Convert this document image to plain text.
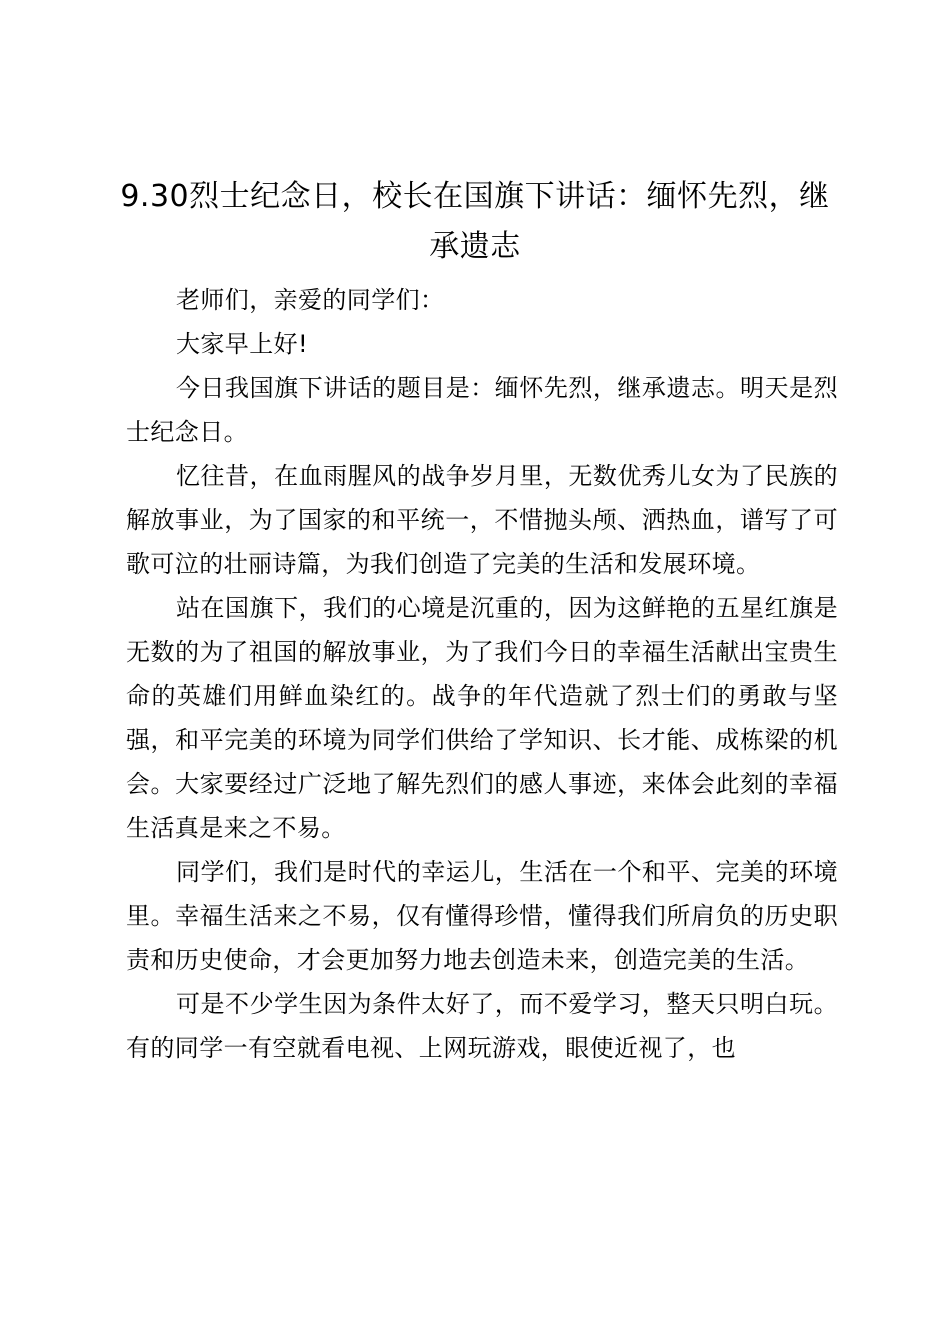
9.30烈士纪念日，校长在国旗下讲话：缅怀先烈，继承遗志

老师们，亲爱的同学们：

大家早上好!

今日我国旗下讲话的题目是：缅怀先烈，继承遗志。明天是烈士纪念日。

忆往昔，在血雨腥风的战争岁月里，无数优秀儿女为了民族的解放事业，为了国家的和平统一，不惜抛头颅、洒热血，谱写了可歌可泣的壮丽诗篇，为我们创造了完美的生活和发展环境。

站在国旗下，我们的心境是沉重的，因为这鲜艳的五星红旗是无数的为了祖国的解放事业，为了我们今日的幸福生活献出宝贵生命的英雄们用鲜血染红的。战争的年代造就了烈士们的勇敢与坚强，和平完美的环境为同学们供给了学知识、长才能、成栋梁的机会。大家要经过广泛地了解先烈们的感人事迹，来体会此刻的幸福生活真是来之不易。

同学们，我们是时代的幸运儿，生活在一个和平、完美的环境里。幸福生活来之不易，仅有懂得珍惜，懂得我们所肩负的历史职责和历史使命，才会更加努力地去创造未来，创造完美的生活。

可是不少学生因为条件太好了，而不爱学习，整天只明白玩。有的同学一有空就看电视、上网玩游戏，眼使近视了，也
